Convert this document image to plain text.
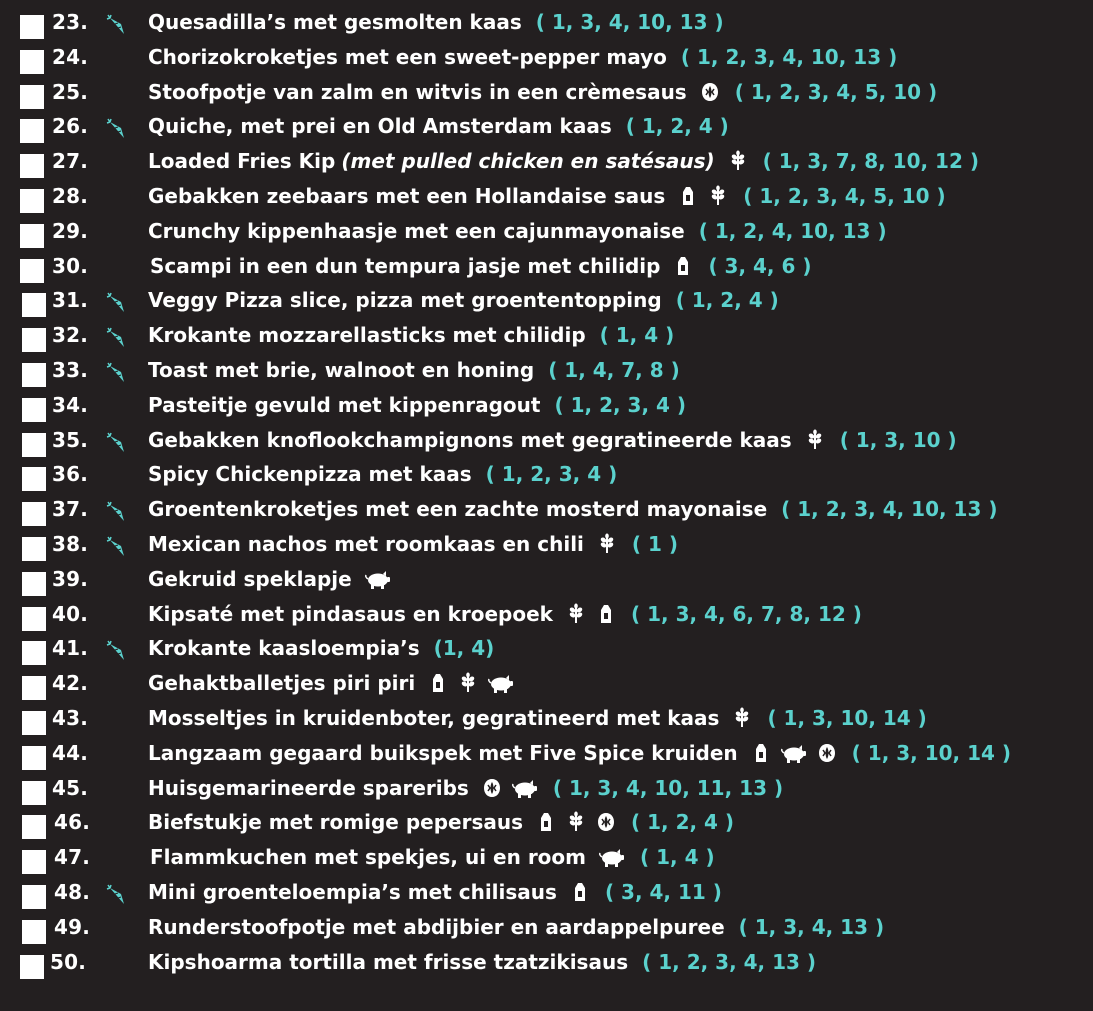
23.	Quesadilla’s met gesmolten kaas ( 1, 3, 4, 10, 13 )
24.	Chorizokroketjes met een sweet-pepper mayo ( 1, 2, 3, 4, 10, 13 )
25.	Stoofpotje van zalm en witvis in een crèmesaus ( 1, 2, 3, 4, 5, 10 )
26.	Quiche, met prei en Old Amsterdam kaas ( 1, 2, 4 )
27.	Loaded Fries Kip (met pulled chicken en satésaus) ( 1, 3, 7, 8, 10, 12 )
28.	Gebakken zeebaars met een Hollandaise saus	( 1, 2, 3, 4, 5, 10 )
29.	Crunchy kippenhaasje met een cajunmayonaise ( 1, 2, 4, 10, 13 )
30.	Scampi in een dun tempura jasje met chilidip ( 3, 4, 6 )
31.	Veggy Pizza slice, pizza met groententopping ( 1, 2, 4 )
32.	Krokante mozzarellasticks met chilidip ( 1, 4 )
33.	Toast met brie, walnoot en honing ( 1, 4, 7, 8 )
34.	Pasteitje gevuld met kippenragout ( 1, 2, 3, 4 )
35.	Gebakken knoflookchampignons met gegratineerde kaas ( 1, 3, 10 )
36.	Spicy Chickenpizza met kaas ( 1, 2, 3, 4 )
37.	Groentenkroketjes met een zachte mosterd mayonaise ( 1, 2, 3, 4, 10, 13 )
38.	Mexican nachos met roomkaas en chili ( 1 )
39.	Gekruid speklapje
40.	Kipsaté met pindasaus en kroepoek	( 1, 3, 4, 6, 7, 8, 12 )
41.	Krokante kaasloempia’s (1, 4)
42.	Gehaktballetjes piri piri
43.	Mosseltjes in kruidenboter, gegratineerd met kaas ( 1, 3, 10, 14 )
44.	Langzaam gegaard buikspek met Five Spice kruiden	( 1, 3, 10, 14 )
45.	Huisgemarineerde spareribs	( 1, 3, 4, 10, 11, 13 )
46.	Biefstukje met romige pepersaus	( 1, 2, 4 )
47.	Flammkuchen met spekjes, ui en room	( 1, 4 )
48.	Mini groenteloempia’s met chilisaus ( 3, 4, 11 )
49.	Runderstoofpotje met abdijbier en aardappelpuree ( 1, 3, 4, 13 )
50.	Kipshoarma tortilla met frisse tzatzikisaus ( 1, 2, 3, 4, 13 )
